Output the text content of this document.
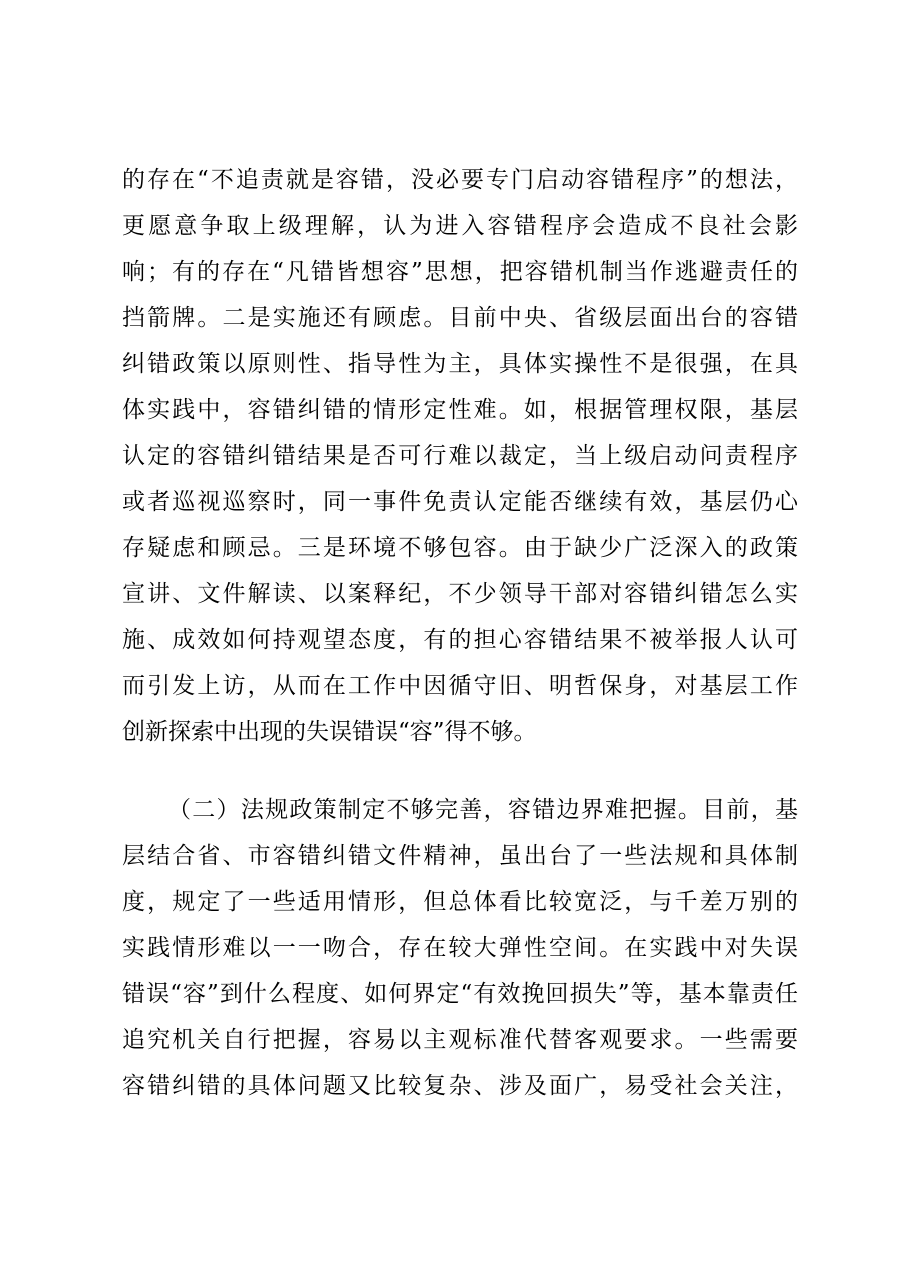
的存在“不追责就是容错，没必要专门启动容错程序”的想法，
更愿意争取上级理解，认为进入容错程序会造成不良社会影
响；有的存在“凡错皆想容”思想，把容错机制当作逃避责任的
挡箭牌。二是实施还有顾虑。目前中央、省级层面出台的容错
纠错政策以原则性、指导性为主，具体实操性不是很强，在具
体实践中，容错纠错的情形定性难。如，根据管理权限，基层
认定的容错纠错结果是否可行难以裁定，当上级启动问责程序
或者巡视巡察时，同一事件免责认定能否继续有效，基层仍心
存疑虑和顾忌。三是环境不够包容。由于缺少广泛深入的政策
宣讲、文件解读、以案释纪，不少领导干部对容错纠错怎么实
施、成效如何持观望态度，有的担心容错结果不被举报人认可
而引发上访，从而在工作中因循守旧、明哲保身，对基层工作
创新探索中出现的失误错误“容”得不够。
（二）法规政策制定不够完善，容错边界难把握。目前，基
层结合省、市容错纠错文件精神，虽出台了一些法规和具体制
度，规定了一些适用情形，但总体看比较宽泛，与千差万别的
实践情形难以一一吻合，存在较大弹性空间。在实践中对失误
错误“容”到什么程度、如何界定“有效挽回损失”等，基本靠责任
追究机关自行把握，容易以主观标准代替客观要求。一些需要
容错纠错的具体问题又比较复杂、涉及面广，易受社会关注，
